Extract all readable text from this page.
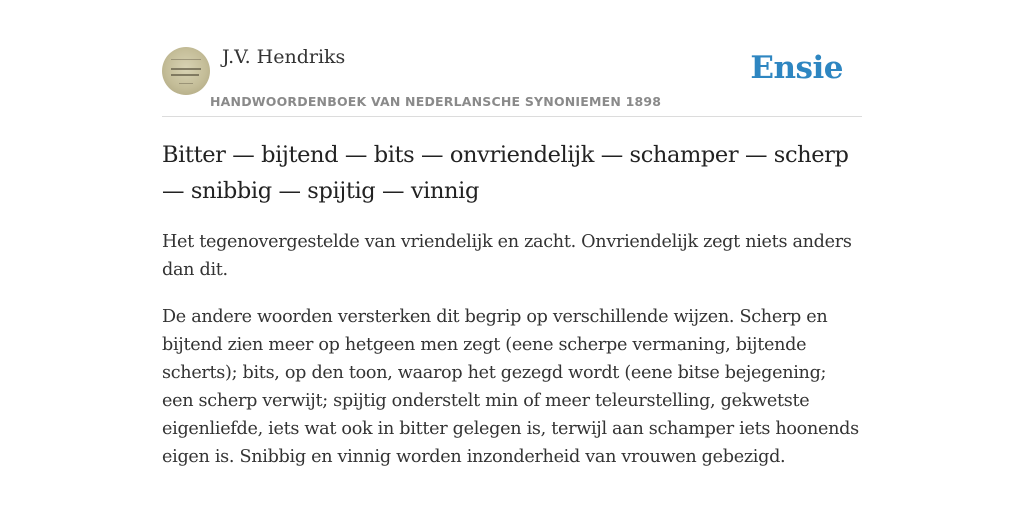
J.V. Hendriks
HANDWOORDENBOEK VAN NEDERLANSCHE SYNONIEMEN 1898
Ensie
Bitter — bijtend — bits — onvriendelijk — schamper — scherp — snibbig — spijtig — vinnig

Het tegenovergestelde van vriendelijk en zacht. Onvriendelijk zegt niets anders dan dit.

De andere woorden versterken dit begrip op verschillende wijzen. Scherp en bijtend zien meer op hetgeen men zegt (eene scherpe vermaning, bijtende scherts); bits, op den toon, waarop het gezegd wordt (eene bitse bejegening; een scherp verwijt; spijtig onderstelt min of meer teleurstelling, gekwetste eigenliefde, iets wat ook in bitter gelegen is, terwijl aan schamper iets hoonends eigen is. Snibbig en vinnig worden inzonderheid van vrouwen gebezigd.
